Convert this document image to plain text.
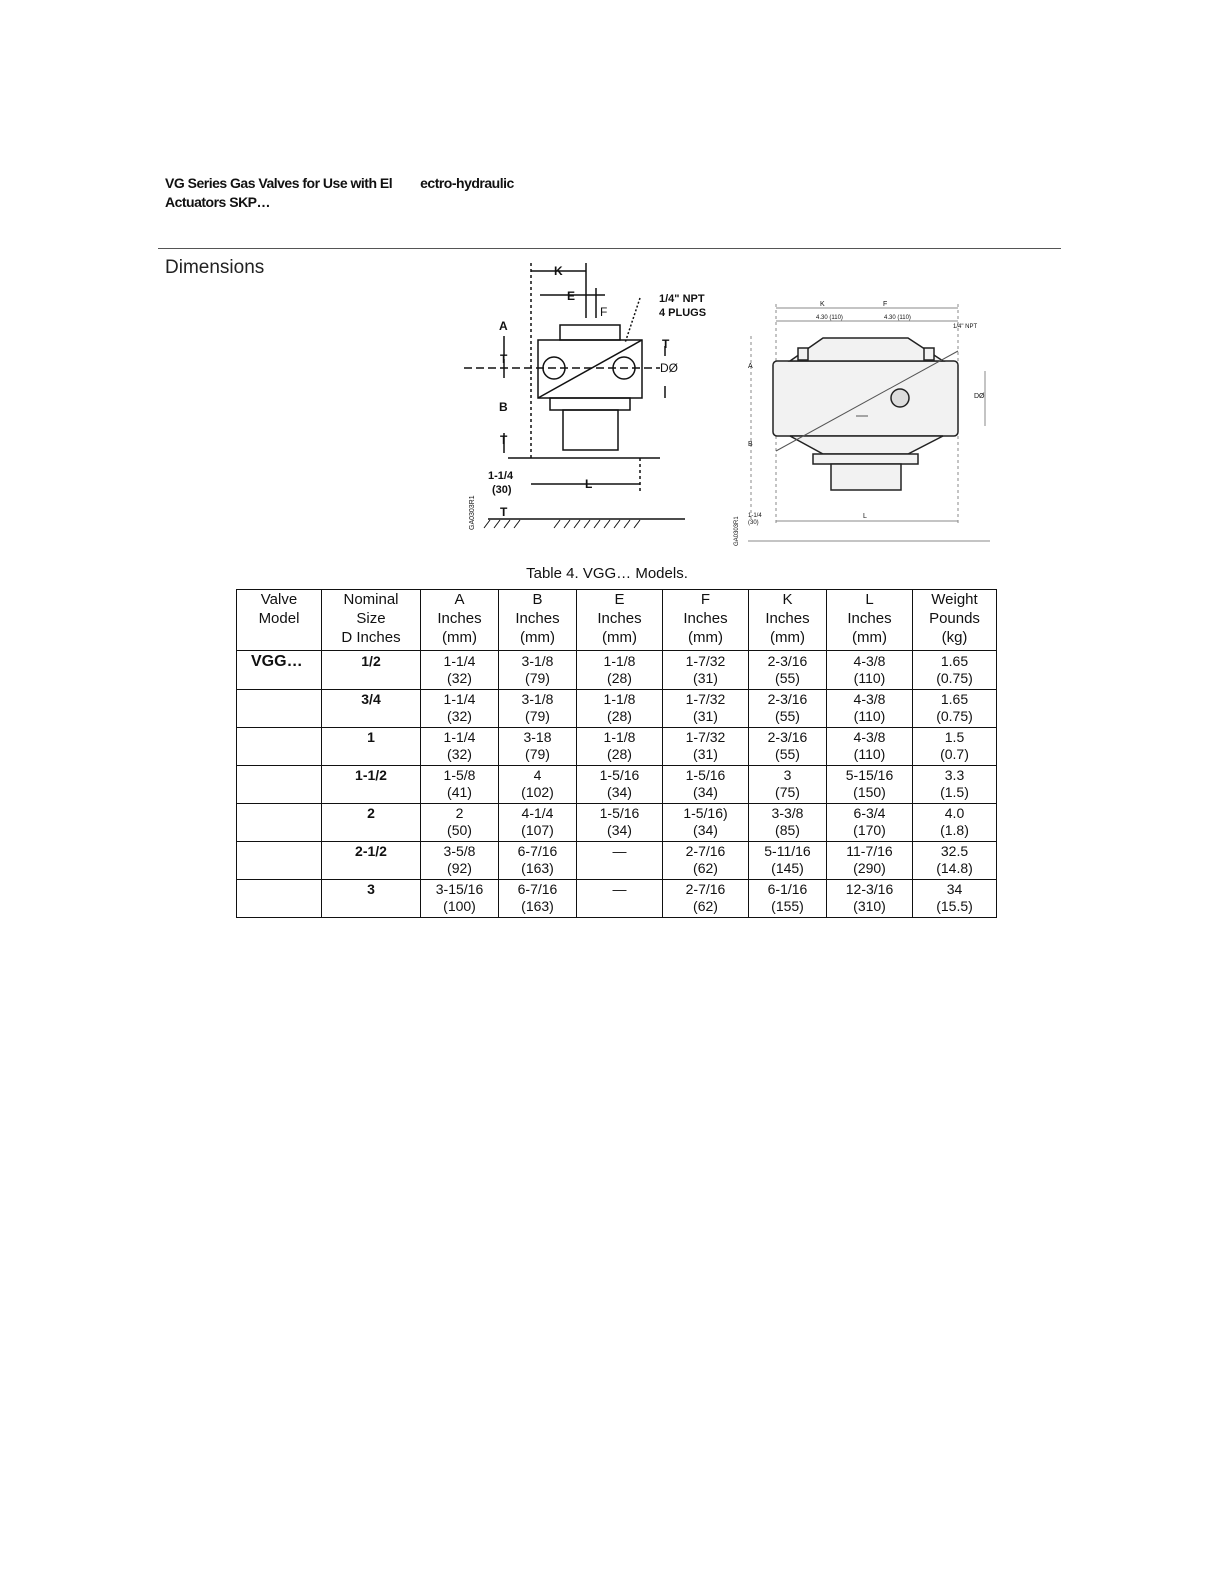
VG Series Gas Valves for Use with El ectro-hydraulic
Actuators SKP…
Dimensions	K
E
F
1/4" NPT
4 PLUGS
A
T
T
DØ
B
T
L
1-1/4
(30)
T
GA0303R1
K	F
4.30 (110)	4.30 (110)
1/4" NPT
A
B
DØ
L
1-1/4
(30)
GA0303R1
Table 4. VGG… Models.
Valve
Model	Nominal
Size
D Inches	A
Inches
(mm)	B
Inches
(mm)	E
Inches
(mm)	F
Inches
(mm)	K
Inches
(mm)	L
Inches
(mm)	Weight
Pounds
(kg)

VGG…	1/2	1-1/4
(32)	3-1/8
(79)	1-1/8
(28)	1-7/32
(31)	2-3/16
(55)	4-3/8
(110)	1.65
(0.75)

	3/4	1-1/4
(32)	3-1/8
(79)	1-1/8
(28)	1-7/32
(31)	2-3/16
(55)	4-3/8
(110)	1.65
(0.75)

	1	1-1/4
(32)	3-18
(79)	1-1/8
(28)	1-7/32
(31)	2-3/16
(55)	4-3/8
(110)	1.5
(0.7)

	1-1/2	1-5/8
(41)	4
(102)	1-5/16
(34)	1-5/16
(34)	3
(75)	5-15/16
(150)	3.3
(1.5)

	2	2
(50)	4-1/4
(107)	1-5/16
(34)	1-5/16)
(34)	3-3/8
(85)	6-3/4
(170)	4.0
(1.8)

	2-1/2	3-5/8
(92)	6-7/16
(163)	—	2-7/16
(62)	5-11/16
(145)	11-7/16
(290)	32.5
(14.8)

	3	3-15/16
(100)	6-7/16
(163)	—	2-7/16
(62)	6-1/16
(155)	12-3/16
(310)	34
(15.5)
